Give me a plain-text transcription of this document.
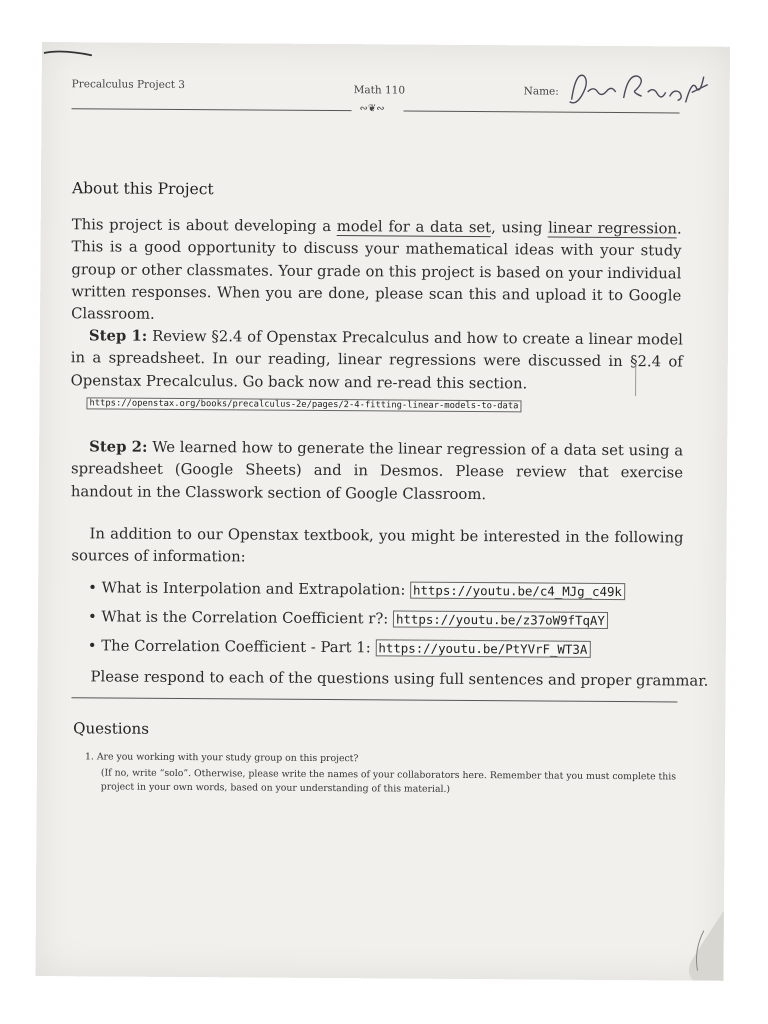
Precalculus Project 3	Math 110	Name:
∾❦∾
About this Project
This project is about developing a model for a data set, using linear regression. This is a good opportunity to discuss your mathematical ideas with your study group or other classmates. Your grade on this project is based on your individual written responses. When you are done, please scan this and upload it to Google Classroom.
Step 1: Review §2.4 of Openstax Precalculus and how to create a linear model in a spreadsheet. In our reading, linear regressions were discussed in §2.4 of Openstax Precalculus. Go back now and re-read this section.
https://openstax.org/books/precalculus-2e/pages/2-4-fitting-linear-models-to-data
Step 2: We learned how to generate the linear regression of a data set using a spreadsheet (Google Sheets) and in Desmos. Please review that exercise handout in the Classwork section of Google Classroom.
In addition to our Openstax textbook, you might be interested in the following sources of information:
• What is Interpolation and Extrapolation: https://youtu.be/c4_MJg_c49k
• What is the Correlation Coefficient r?: https://youtu.be/z37oW9fTqAY
• The Correlation Coefficient - Part 1: https://youtu.be/PtYVrF_WT3A
Please respond to each of the questions using full sentences and proper grammar.
Questions
1. Are you working with your study group on this project?
(If no, write “solo”. Otherwise, please write the names of your collaborators here. Remember that you must complete this project in your own words, based on your understanding of this material.)
